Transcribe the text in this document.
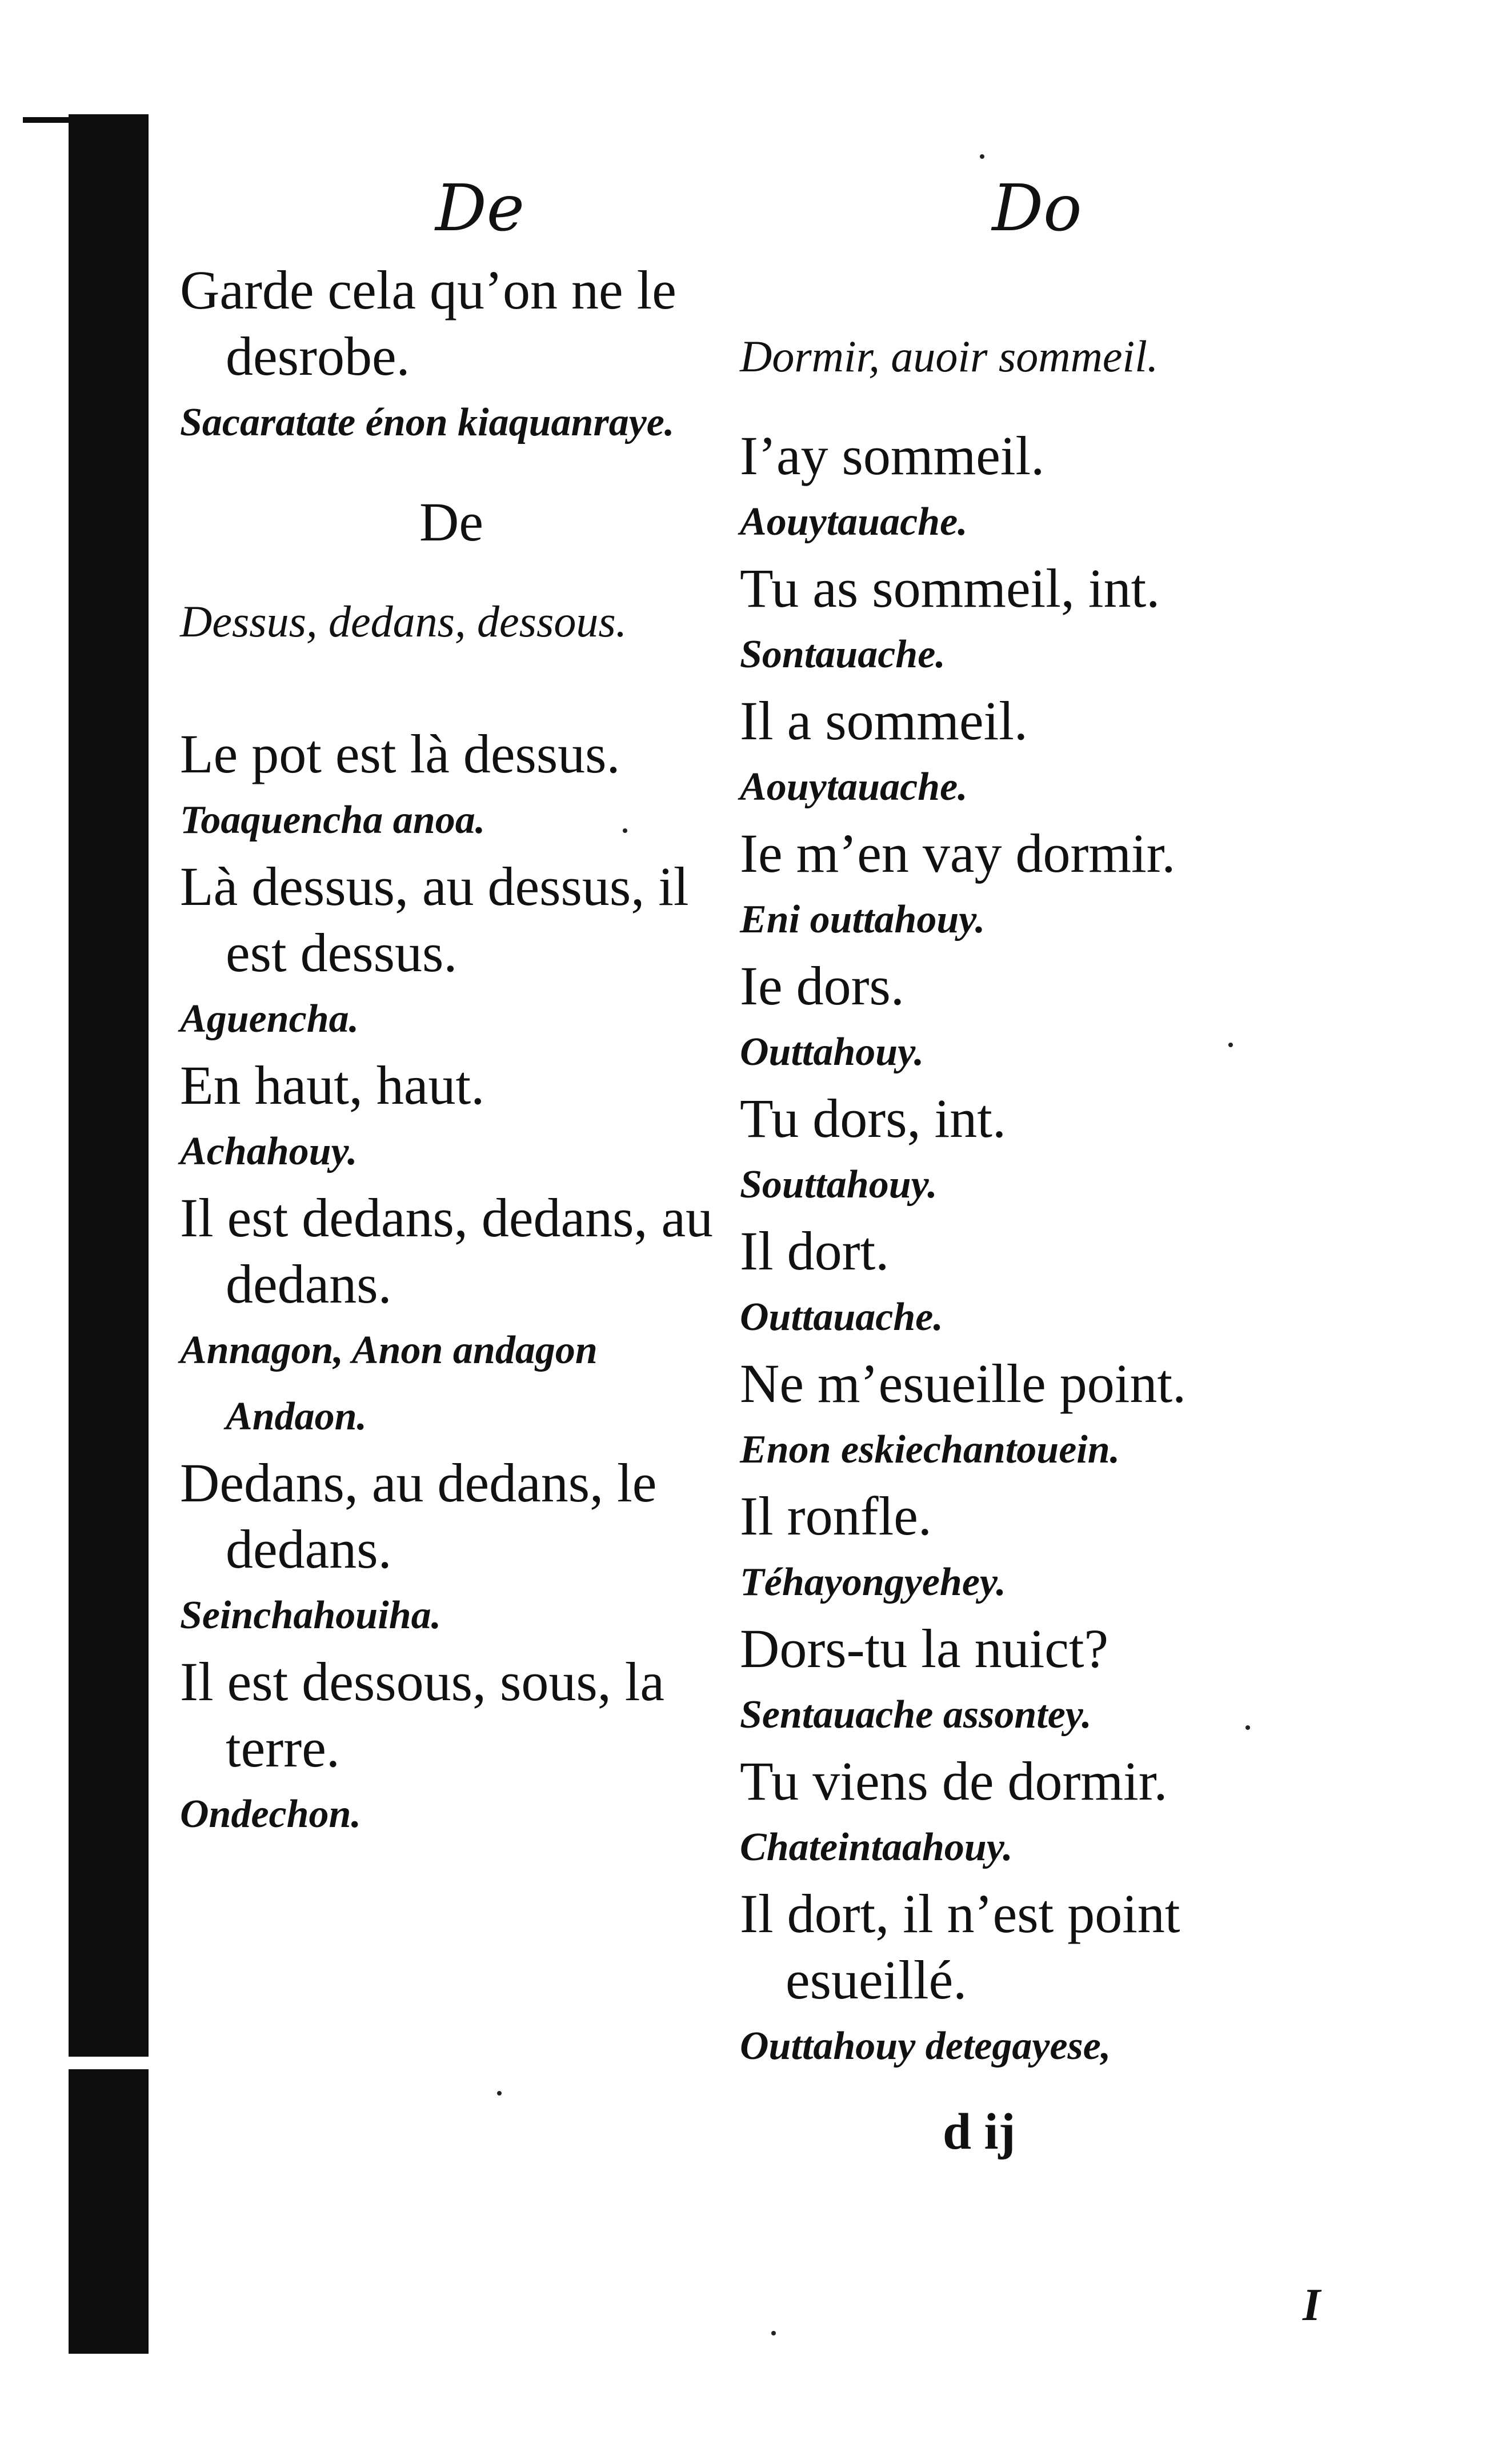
De

Garde cela qu’on ne le desrobe.

Sacaratate énon kiaquanraye.

De

Dessus, dedans, dessous.

Le pot est là dessus.

Toaquencha anoa.

Là dessus, au dessus, il est dessus.

Aguencha.

En haut, haut.

Achahouy.

Il est dedans, dedans, au dedans.

Annagon, Anon andagon Andaon.

Dedans, au dedans, le dedans.

Seinchahouiha.

Il est dessous, sous, la terre.

Ondechon.

Do

Dormir, auoir sommeil.

I’ay sommeil.

Aouytauache.

Tu as sommeil, int.

Sontauache.

Il a sommeil.

Aouytauache.

Ie m’en vay dormir.

Eni outtahouy.

Ie dors.

Outtahouy.

Tu dors, int.

Souttahouy.

Il dort.

Outtauache.

Ne m’esueille point.

Enon eskiechantouein.

Il ronfle.

Téhayongyehey.

Dors-tu la nuict?

Sentauache assontey.

Tu viens de dormir.

Chateintaahouy.

Il dort, il n’est point esueillé.

Outtahouy detegayese,

d ij
I
